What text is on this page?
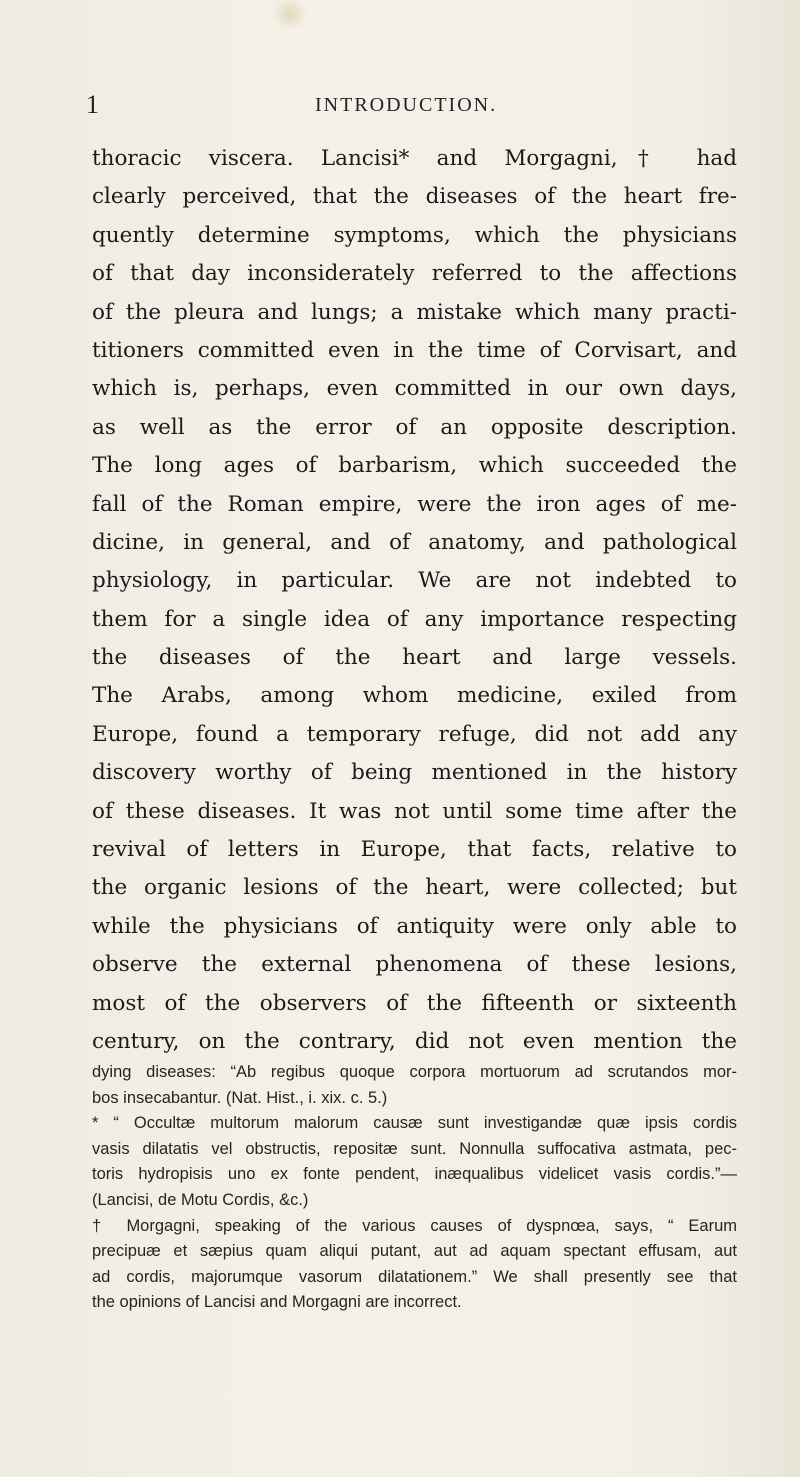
1	INTRODUCTION.
thoracic viscera. Lancisi* and Morgagni,† had
clearly perceived, that the diseases of the heart fre-
quently determine symptoms, which the physicians
of that day inconsiderately referred to the affections
of the pleura and lungs; a mistake which many practi-
titioners committed even in the time of Corvisart, and
which is, perhaps, even committed in our own days,
as well as the error of an opposite description.
The long ages of barbarism, which succeeded the
fall of the Roman empire, were the iron ages of me-
dicine, in general, and of anatomy, and pathological
physiology, in particular. We are not indebted to
them for a single idea of any importance respecting
the diseases of the heart and large vessels.
The Arabs, among whom medicine, exiled from
Europe, found a temporary refuge, did not add any
discovery worthy of being mentioned in the history
of these diseases. It was not until some time after the
revival of letters in Europe, that facts, relative to
the organic lesions of the heart, were collected; but
while the physicians of antiquity were only able to
observe the external phenomena of these lesions,
most of the observers of the fifteenth or sixteenth
century, on the contrary, did not even mention the
dying diseases: “Ab regibus quoque corpora mortuorum ad scrutandos mor-
bos insecabantur. (Nat. Hist., i. xix. c. 5.)
* “ Occultæ multorum malorum causæ sunt investigandæ quæ ipsis cordis
vasis dilatatis vel obstructis, repositæ sunt. Nonnulla suffocativa astmata, pec-
toris hydropisis uno ex fonte pendent, inæqualibus videlicet vasis cordis.”—
(Lancisi, de Motu Cordis, &c.)
† Morgagni, speaking of the various causes of dyspnœa, says, “ Earum
precipuæ et sæpius quam aliqui putant, aut ad aquam spectant effusam, aut
ad cordis, majorumque vasorum dilatationem.” We shall presently see that
the opinions of Lancisi and Morgagni are incorrect.
